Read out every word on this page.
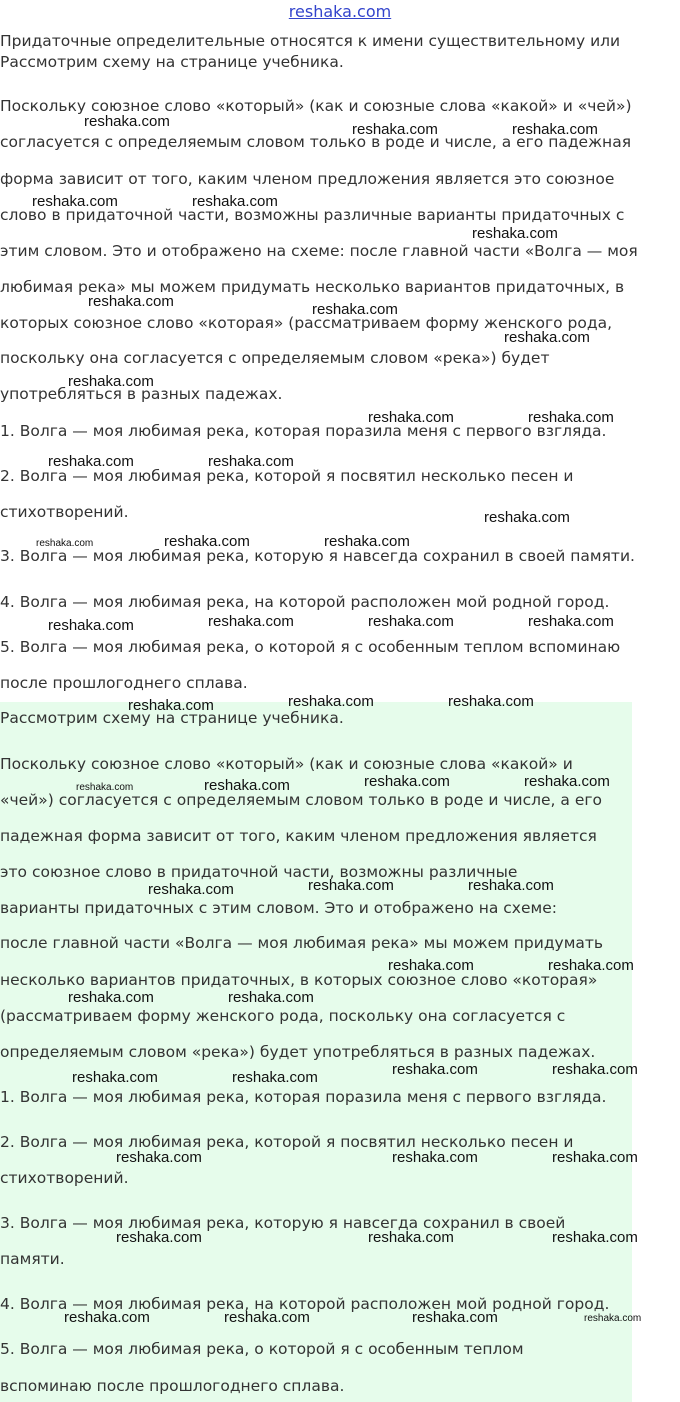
reshaka.com
Придаточные определительные относятся к имени существительному или
Рассмотрим схему на странице учебника.
Поскольку союзное слово «который» (как и союзные слова «какой» и «чей»)
согласуется с определяемым словом только в роде и числе, а его падежная
форма зависит от того, каким членом предложения является это союзное
слово в придаточной части, возможны различные варианты придаточных с
этим словом. Это и отображено на схеме: после главной части «Волга — моя
любимая река» мы можем придумать несколько вариантов придаточных, в
которых союзное слово «которая» (рассматриваем форму женского рода,
поскольку она согласуется с определяемым словом «река») будет
употребляться в разных падежах.
1. Волга — моя любимая река, которая поразила меня с первого взгляда.
2. Волга — моя любимая река, которой я посвятил несколько песен и
стихотворений.
3. Волга — моя любимая река, которую я навсегда сохранил в своей памяти.
4. Волга — моя любимая река, на которой расположен мой родной город.
5. Волга — моя любимая река, о которой я с особенным теплом вспоминаю
после прошлогоднего сплава.
Рассмотрим схему на странице учебника.
Поскольку союзное слово «который» (как и союзные слова «какой» и
«чей») согласуется с определяемым словом только в роде и числе, а его
падежная форма зависит от того, каким членом предложения является
это союзное слово в придаточной части, возможны различные
варианты придаточных с этим словом. Это и отображено на схеме:
после главной части «Волга — моя любимая река» мы можем придумать
несколько вариантов придаточных, в которых союзное слово «которая»
(рассматриваем форму женского рода, поскольку она согласуется с
определяемым словом «река») будет употребляться в разных падежах.
1. Волга — моя любимая река, которая поразила меня с первого взгляда.
2. Волга — моя любимая река, которой я посвятил несколько песен и
стихотворений.
3. Волга — моя любимая река, которую я навсегда сохранил в своей
памяти.
4. Волга — моя любимая река, на которой расположен мой родной город.
5. Волга — моя любимая река, о которой я с особенным теплом
вспоминаю после прошлогоднего сплава.
reshaka.com	reshaka.com	reshaka.com
reshaka.com	reshaka.com
reshaka.com
reshaka.com	reshaka.com
reshaka.com
reshaka.com
reshaka.com	reshaka.com
reshaka.com	reshaka.com
reshaka.com
reshaka.com	reshaka.com	reshaka.com
reshaka.com	reshaka.com	reshaka.com	reshaka.com
reshaka.com	reshaka.com	reshaka.com
reshaka.com	reshaka.com	reshaka.com	reshaka.com
reshaka.com	reshaka.com	reshaka.com
reshaka.com	reshaka.com
reshaka.com	reshaka.com
reshaka.com	reshaka.com
reshaka.com	reshaka.com
reshaka.com	reshaka.com	reshaka.com
reshaka.com	reshaka.com	reshaka.com
reshaka.com	reshaka.com	reshaka.com	reshaka.com
